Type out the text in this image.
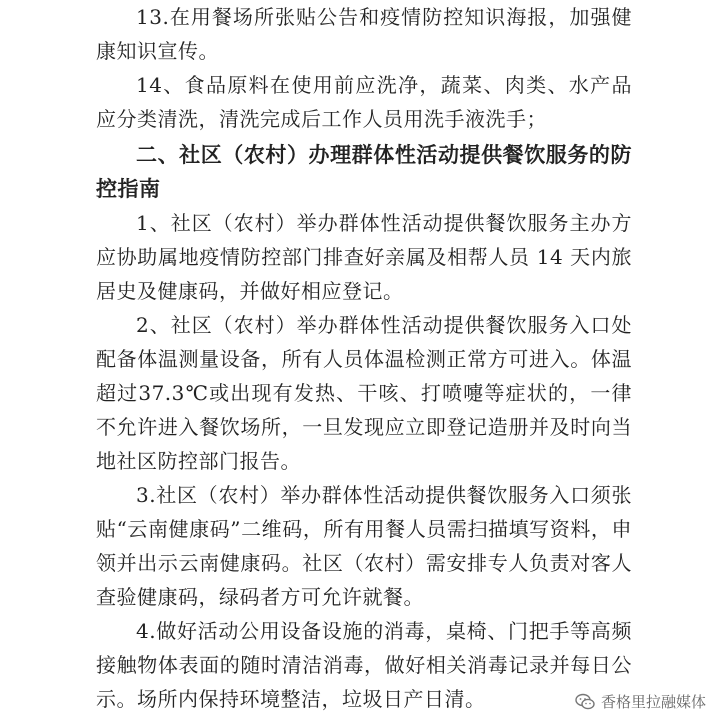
13.在用餐场所张贴公告和疫情防控知识海报，加强健康知识宣传。

14、食品原料在使用前应洗净，蔬菜、肉类、水产品应分类清洗，清洗完成后工作人员用洗手液洗手；

二、社区（农村）办理群体性活动提供餐饮服务的防控指南

1、社区（农村）举办群体性活动提供餐饮服务主办方应协助属地疫情防控部门排查好亲属及相帮人员 14 天内旅居史及健康码，并做好相应登记。

2、社区（农村）举办群体性活动提供餐饮服务入口处配备体温测量设备，所有人员体温检测正常方可进入。体温超过37.3℃或出现有发热、干咳、打喷嚏等症状的，一律不允许进入餐饮场所，一旦发现应立即登记造册并及时向当地社区防控部门报告。

3.社区（农村）举办群体性活动提供餐饮服务入口须张贴“云南健康码”二维码，所有用餐人员需扫描填写资料，申领并出示云南健康码。社区（农村）需安排专人负责对客人查验健康码，绿码者方可允许就餐。

4.做好活动公用设备设施的消毒，桌椅、门把手等高频接触物体表面的随时清洁消毒，做好相关消毒记录并每日公示。场所内保持环境整洁，垃圾日产日清。	香格里拉融媒体
